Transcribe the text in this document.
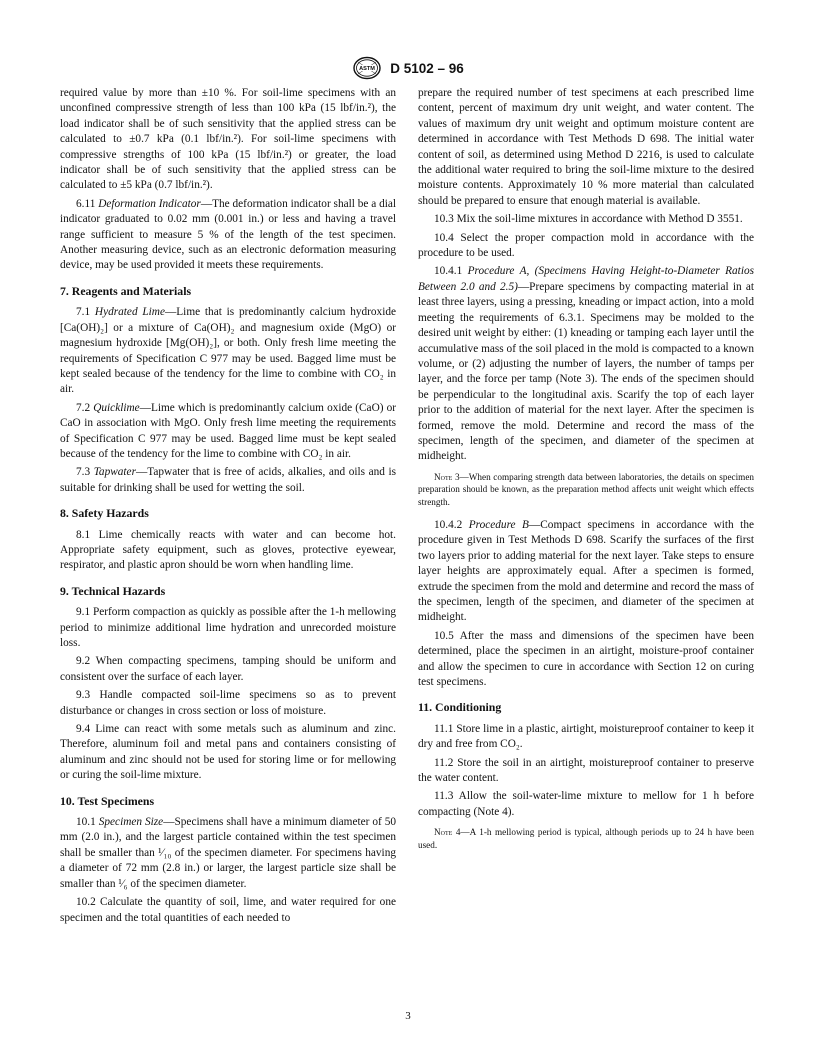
ASTM D 5102 – 96

required value by more than ±10 %. For soil-lime specimens with an unconfined compressive strength of less than 100 kPa (15 lbf/in.²), the load indicator shall be of such sensitivity that the applied stress can be calculated to ±0.7 kPa (0.1 lbf/in.²). For soil-lime specimens with compressive strengths of 100 kPa (15 lbf/in.²) or greater, the load indicator shall be of such sensitivity that the applied stress can be calculated to ±5 kPa (0.7 lbf/in.²).

6.11 Deformation Indicator—The deformation indicator shall be a dial indicator graduated to 0.02 mm (0.001 in.) or less and having a travel range sufficient to measure 5 % of the length of the test specimen. Another measuring device, such as an electronic deformation measuring device, may be used provided it meets these requirements.

7. Reagents and Materials

7.1 Hydrated Lime—Lime that is predominantly calcium hydroxide [Ca(OH)₂] or a mixture of Ca(OH)₂ and magnesium oxide (MgO) or magnesium hydroxide [Mg(OH)₂], or both. Only fresh lime meeting the requirements of Specification C 977 may be used. Bagged lime must be kept sealed because of the tendency for the lime to combine with CO₂ in air.

7.2 Quicklime—Lime which is predominantly calcium oxide (CaO) or CaO in association with MgO. Only fresh lime meeting the requirements of Specification C 977 may be used. Bagged lime must be kept sealed because of the tendency for the lime to combine with CO₂ in air.

7.3 Tapwater—Tapwater that is free of acids, alkalies, and oils and is suitable for drinking shall be used for wetting the soil.

8. Safety Hazards

8.1 Lime chemically reacts with water and can become hot. Appropriate safety equipment, such as gloves, protective eyewear, respirator, and plastic apron should be worn when handling lime.

9. Technical Hazards

9.1 Perform compaction as quickly as possible after the 1-h mellowing period to minimize additional lime hydration and unrecorded moisture loss.

9.2 When compacting specimens, tamping should be uniform and consistent over the surface of each layer.

9.3 Handle compacted soil-lime specimens so as to prevent disturbance or changes in cross section or loss of moisture.

9.4 Lime can react with some metals such as aluminum and zinc. Therefore, aluminum foil and metal pans and containers consisting of aluminum and zinc should not be used for storing lime or for mellowing or curing the soil-lime mixture.

10. Test Specimens

10.1 Specimen Size—Specimens shall have a minimum diameter of 50 mm (2.0 in.), and the largest particle contained within the test specimen shall be smaller than ¹⁄₁₀ of the specimen diameter. For specimens having a diameter of 72 mm (2.8 in.) or larger, the largest particle size shall be smaller than ¹⁄₆ of the specimen diameter.

10.2 Calculate the quantity of soil, lime, and water required for one specimen and the total quantities of each needed to

prepare the required number of test specimens at each prescribed lime content, percent of maximum dry unit weight, and water content. The values of maximum dry unit weight and optimum moisture content are determined in accordance with Test Methods D 698. The initial water content of soil, as determined using Method D 2216, is used to calculate the additional water required to bring the soil-lime mixture to the desired moisture contents. Approximately 10 % more material than calculated should be prepared to ensure that enough material is available.

10.3 Mix the soil-lime mixtures in accordance with Method D 3551.

10.4 Select the proper compaction mold in accordance with the procedure to be used.

10.4.1 Procedure A, (Specimens Having Height-to-Diameter Ratios Between 2.0 and 2.5)—Prepare specimens by compacting material in at least three layers, using a pressing, kneading or impact action, into a mold meeting the requirements of 6.3.1. Specimens may be molded to the desired unit weight by either: (1) kneading or tamping each layer until the accumulative mass of the soil placed in the mold is compacted to a known volume, or (2) adjusting the number of layers, the number of tamps per layer, and the force per tamp (Note 3). The ends of the specimen should be perpendicular to the longitudinal axis. Scarify the top of each layer prior to the addition of material for the next layer. After the specimen is formed, remove the mold. Determine and record the mass of the specimen, length of the specimen, and diameter of the specimen at midheight.

Note 3—When comparing strength data between laboratories, the details on specimen preparation should be known, as the preparation method affects unit weight which effects strength.

10.4.2 Procedure B—Compact specimens in accordance with the procedure given in Test Methods D 698. Scarify the surfaces of the first two layers prior to adding material for the next layer. Take steps to ensure layer heights are approximately equal. After a specimen is formed, extrude the specimen from the mold and determine and record the mass of the specimen, length of the specimen, and diameter of the specimen at midheight.

10.5 After the mass and dimensions of the specimen have been determined, place the specimen in an airtight, moisture-proof container and allow the specimen to cure in accordance with Section 12 on curing test specimens.

11. Conditioning

11.1 Store lime in a plastic, airtight, moistureproof container to keep it dry and free from CO₂.

11.2 Store the soil in an airtight, moistureproof container to preserve the water content.

11.3 Allow the soil-water-lime mixture to mellow for 1 h before compacting (Note 4).

Note 4—A 1-h mellowing period is typical, although periods up to 24 h have been used.

3
